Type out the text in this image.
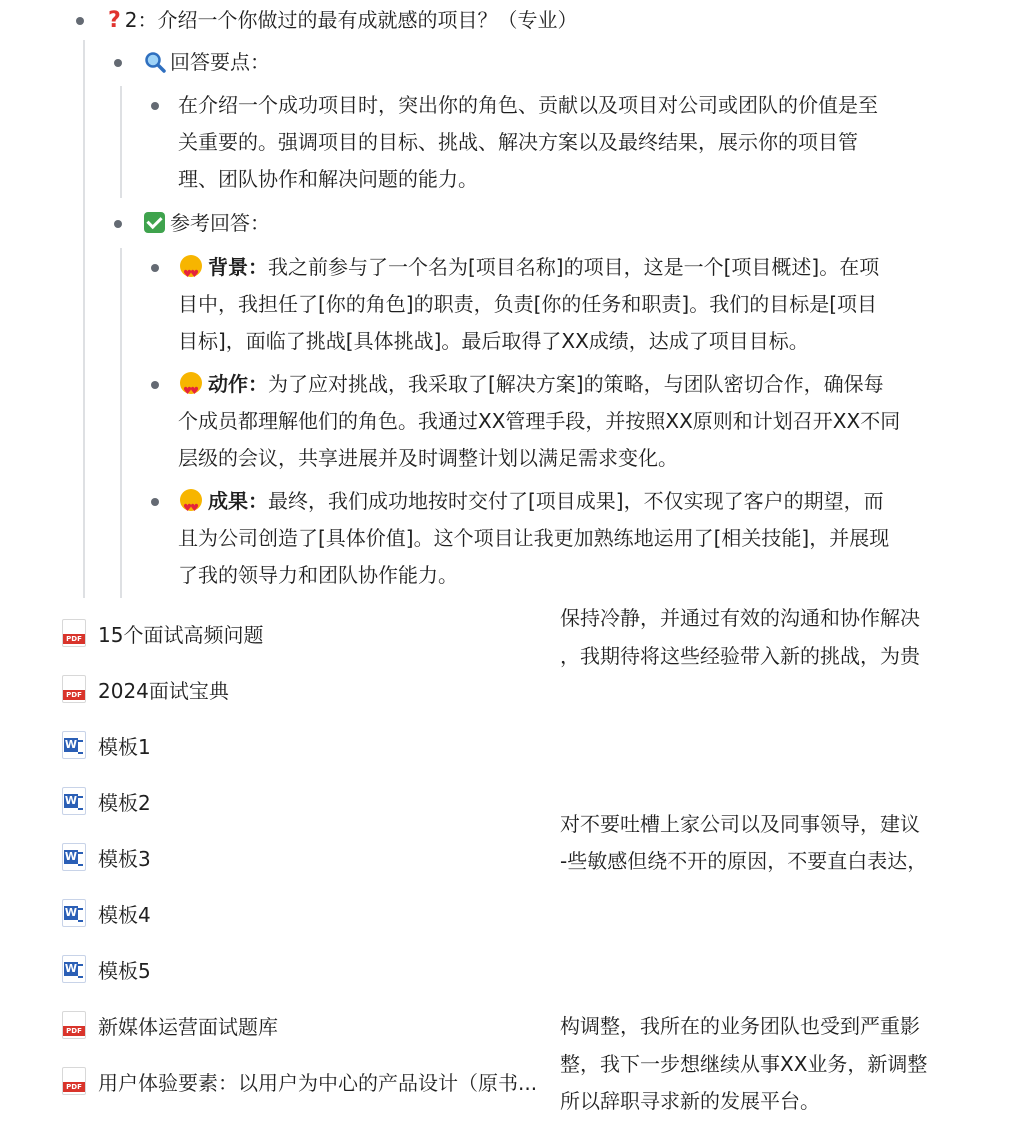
? 2：介绍一个你做过的最有成就感的项目？（专业）
回答要点：
在介绍一个成功项目时，突出你的角色、贡献以及项目对公司或团队的价值是至
关重要的。强调项目的目标、挑战、解决方案以及最终结果，展示你的项目管
理、团队协作和解决问题的能力。
参考回答：
♥ ♥背景：我之前参与了一个名为[项目名称]的项目，这是一个[项目概述]。在项
目中，我担任了[你的角色]的职责，负责[你的任务和职责]。我们的目标是[项目
目标]，面临了挑战[具体挑战]。最后取得了XX成绩，达成了项目目标。
♥ ♥动作：为了应对挑战，我采取了[解决方案]的策略，与团队密切合作，确保每
个成员都理解他们的角色。我通过XX管理手段，并按照XX原则和计划召开XX不同
层级的会议，共享进展并及时调整计划以满足需求变化。
♥ ♥成果：最终，我们成功地按时交付了[项目成果]，不仅实现了客户的期望，而
且为公司创造了[具体价值]。这个项目让我更加熟练地运用了[相关技能]，并展现
了我的领导力和团队协作能力。
保持冷静，并通过有效的沟通和协作解决
，我期待将这些经验带入新的挑战，为贵
对不要吐槽上家公司以及同事领导，建议
-些敏感但绕不开的原因，不要直白表达，
构调整，我所在的业务团队也受到严重影
整，我下一步想继续从事XX业务，新调整
所以辞职寻求新的发展平台。
PDF
15个面试高频问题
PDF
2024面试宝典
W
模板1
W
模板2
W
模板3
W
模板4
W
模板5
PDF
新媒体运营面试题库
PDF
用户体验要素：以用户为中心的产品设计（原书...
